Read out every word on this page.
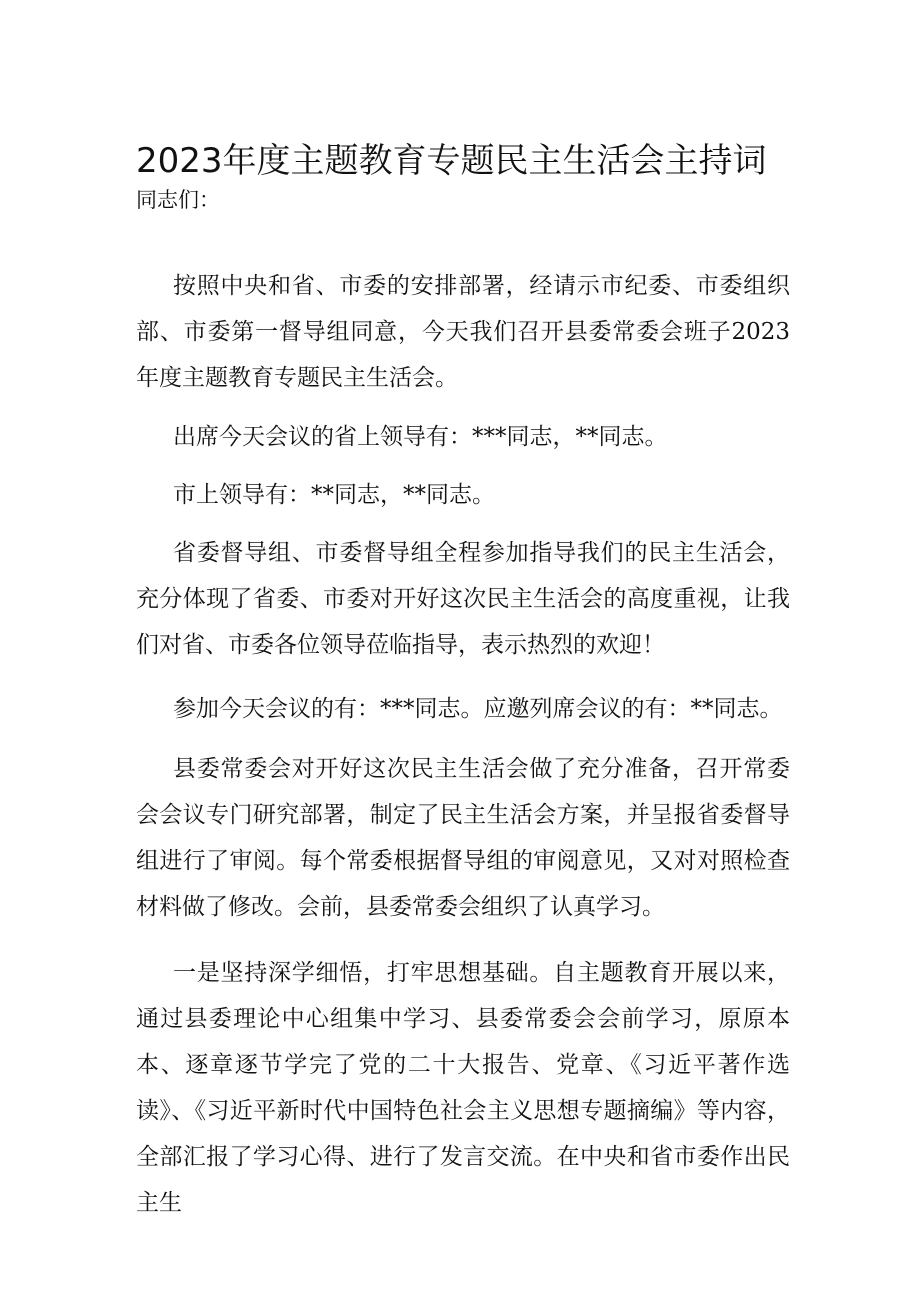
2023年度主题教育专题民主生活会主持词
同志们：

按照中央和省、市委的安排部署，经请示市纪委、市委组织部、市委第一督导组同意，今天我们召开县委常委会班子2023年度主题教育专题民主生活会。

出席今天会议的省上领导有：***同志，**同志。

市上领导有：**同志，**同志。

省委督导组、市委督导组全程参加指导我们的民主生活会，充分体现了省委、市委对开好这次民主生活会的高度重视，让我们对省、市委各位领导莅临指导，表示热烈的欢迎！

参加今天会议的有：***同志。应邀列席会议的有：**同志。

县委常委会对开好这次民主生活会做了充分准备，召开常委会会议专门研究部署，制定了民主生活会方案，并呈报省委督导组进行了审阅。每个常委根据督导组的审阅意见，又对对照检查材料做了修改。会前，县委常委会组织了认真学习。

一是坚持深学细悟，打牢思想基础。自主题教育开展以来，通过县委理论中心组集中学习、县委常委会会前学习，原原本本、逐章逐节学完了党的二十大报告、党章、《习近平著作选读》、《习近平新时代中国特色社会主义思想专题摘编》等内容，全部汇报了学习心得、进行了发言交流。在中央和省市委作出民主生
